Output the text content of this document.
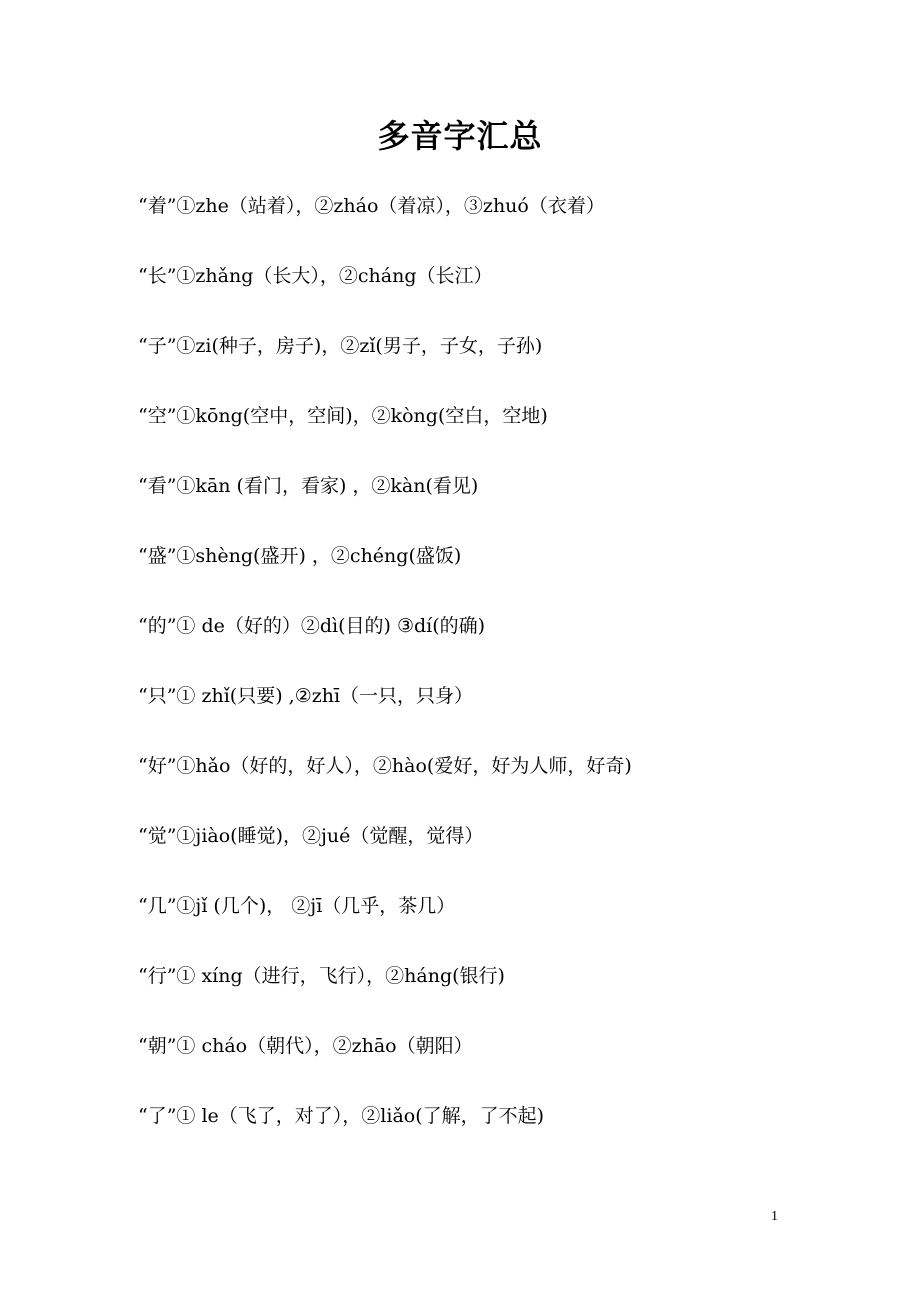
多音字汇总
“着”①zhe（站着），②zháo（着凉），③zhuó（衣着）
“长”①zhǎng（长大），②cháng（长江）
“子”①zi(种子，房子)，②zǐ(男子，子女，子孙)
“空”①kōng(空中，空间)，②kòng(空白，空地)
“看”①kān (看门，看家) ，②kàn(看见)
“盛”①shèng(盛开) ，②chéng(盛饭)
“的”① de（好的）②dì(目的) ③dí(的确)
“只”① zhǐ(只要) ,②zhī（一只，只身）
“好”①hǎo（好的，好人），②hào(爱好，好为人师，好奇)
“觉”①jiào(睡觉)，②jué（觉醒，觉得）
“几”①jǐ (几个)， ②jī（几乎，茶几）
“行”① xíng（进行，飞行），②háng(银行)
“朝”① cháo（朝代），②zhāo（朝阳）
“了”① le（飞了，对了），②liǎo(了解，了不起)
1
